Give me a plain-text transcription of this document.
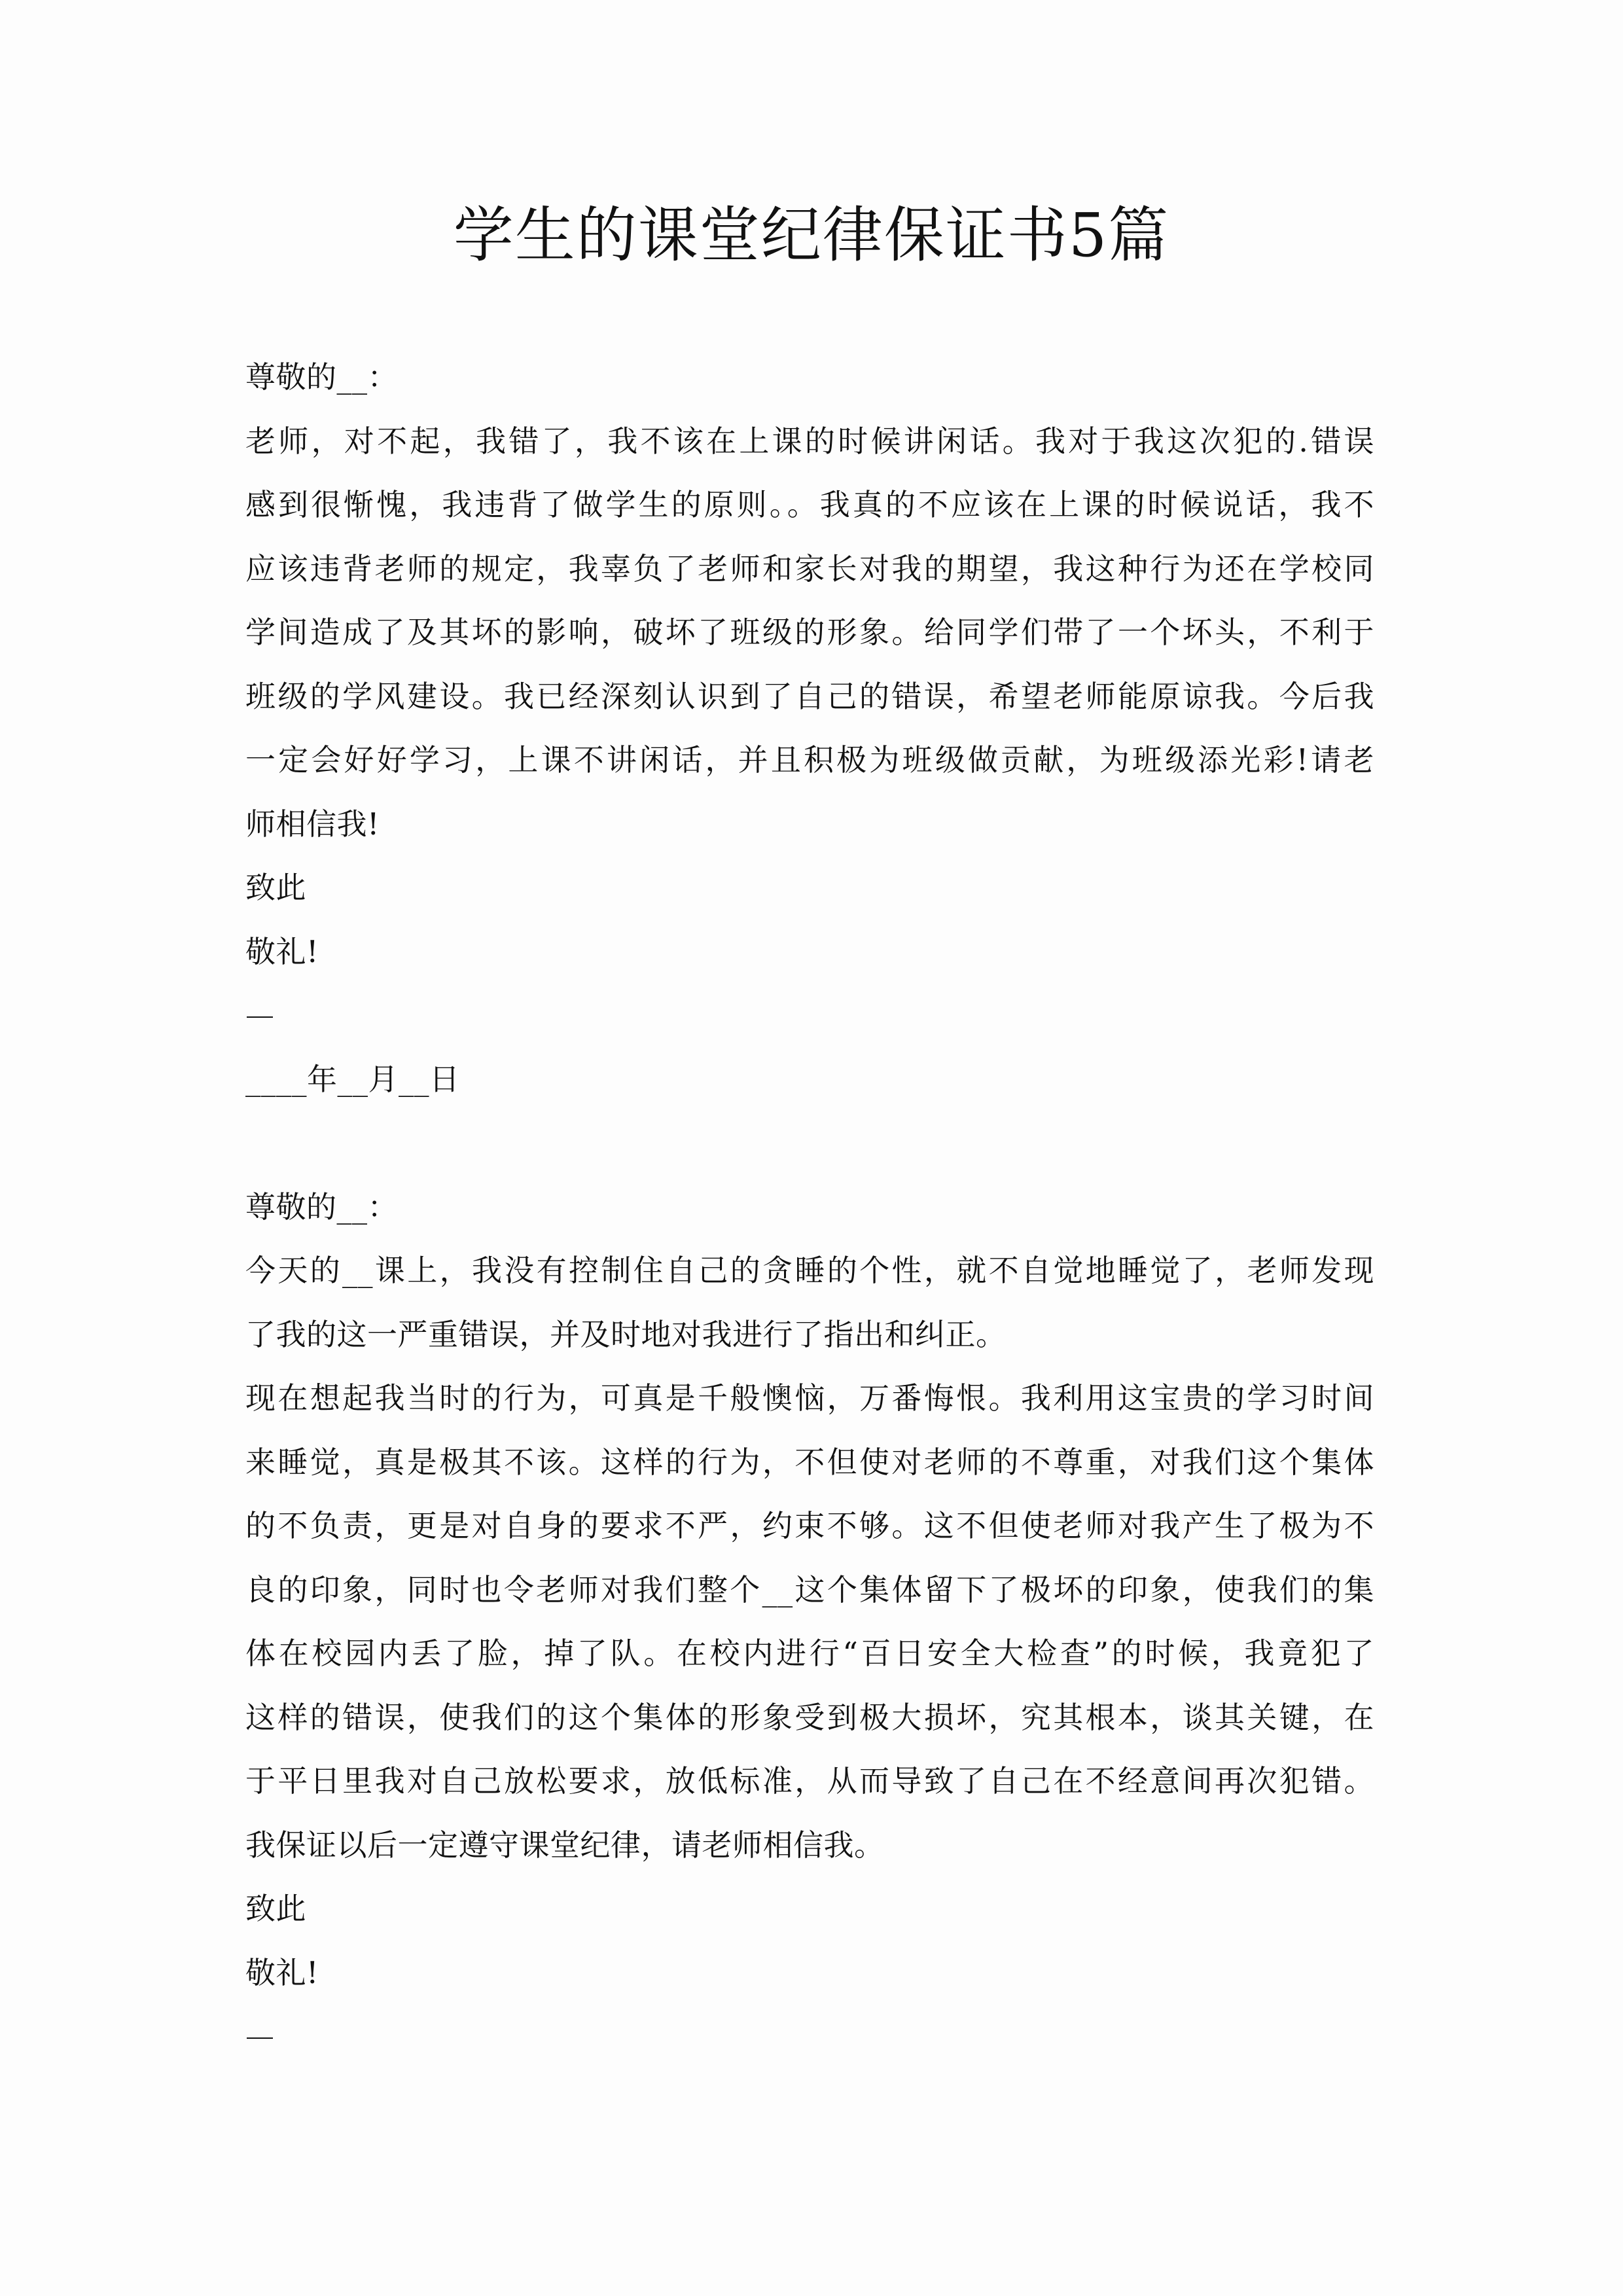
学生的课堂纪律保证书5篇
尊敬的__：
老师，对不起，我错了，我不该在上课的时候讲闲话。我对于我这次犯的.错误
感到很惭愧，我违背了做学生的原则。。我真的不应该在上课的时候说话，我不
应该违背老师的规定，我辜负了老师和家长对我的期望，我这种行为还在学校同
学间造成了及其坏的影响，破坏了班级的形象。给同学们带了一个坏头，不利于
班级的学风建设。我已经深刻认识到了自己的错误，希望老师能原谅我。今后我
一定会好好学习，上课不讲闲话，并且积极为班级做贡献，为班级添光彩!请老
师相信我!
致此
敬礼!
____年__月__日
尊敬的__：
今天的__课上，我没有控制住自己的贪睡的个性，就不自觉地睡觉了，老师发现
了我的这一严重错误，并及时地对我进行了指出和纠正。
现在想起我当时的行为，可真是千般懊恼，万番悔恨。我利用这宝贵的学习时间
来睡觉，真是极其不该。这样的行为，不但使对老师的不尊重，对我们这个集体
的不负责，更是对自身的要求不严，约束不够。这不但使老师对我产生了极为不
良的印象，同时也令老师对我们整个__这个集体留下了极坏的印象，使我们的集
体在校园内丢了脸，掉了队。在校内进行“百日安全大检查”的时候，我竟犯了
这样的错误，使我们的这个集体的形象受到极大损坏，究其根本，谈其关键，在
于平日里我对自己放松要求，放低标准，从而导致了自己在不经意间再次犯错。
我保证以后一定遵守课堂纪律，请老师相信我。
致此
敬礼!
